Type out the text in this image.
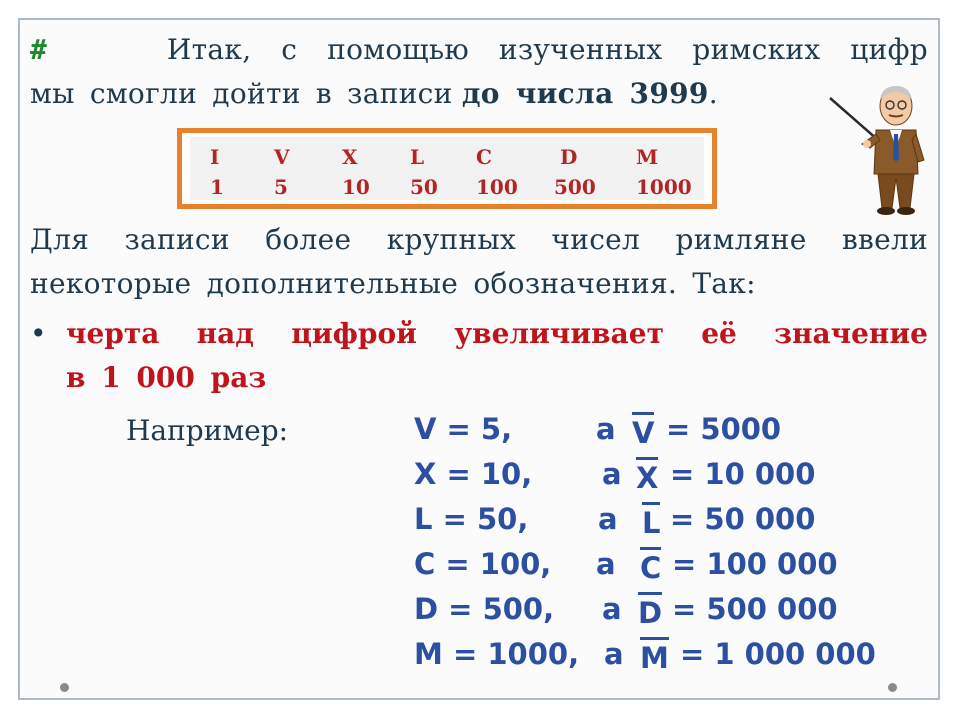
#	Итак, с помощью изученных римских цифр
мы смогли дойти в записи до числа 3999.
I	V	X	L	C	D	M
1	5	10 50 100 500 1000
Для записи более крупных чисел римляне ввели
некоторые дополнительные обозначения. Так:
• черта над цифрой увеличивает её значение
в 1 000 раз
Например:	V = 5,	а V = 5000
X = 10, а X = 10 000
L = 50, а L = 50 000
C = 100, а C = 100 000
D = 500, а D = 500 000
M = 1000, а M = 1 000 000
